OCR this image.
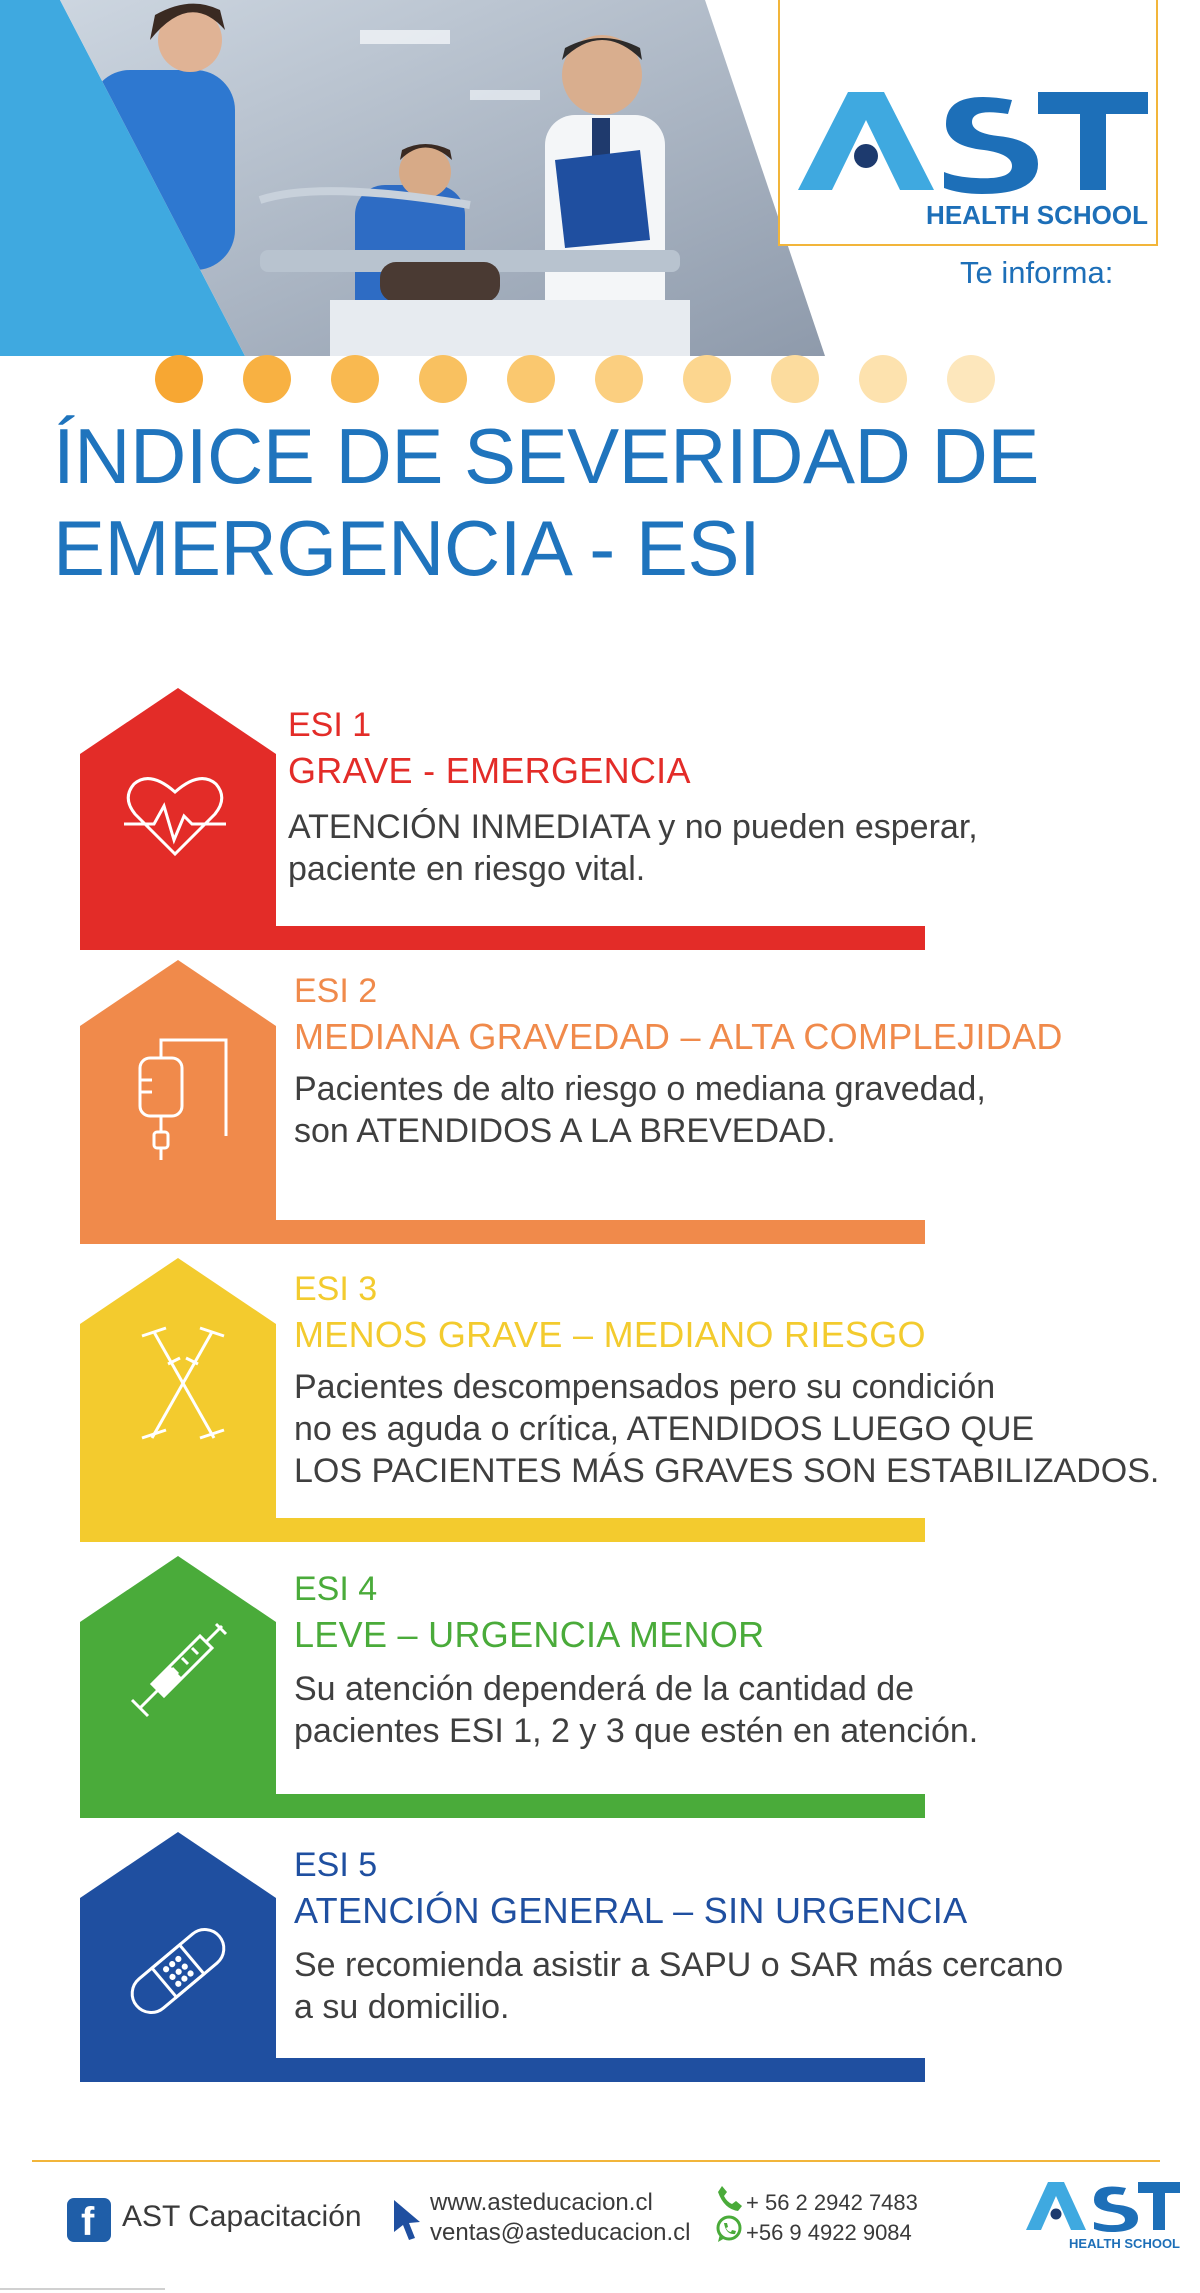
HEALTH SCHOOL
Te informa:
ÍNDICE DE SEVERIDAD DE
EMERGENCIA - ESI
ESI 1
GRAVE - EMERGENCIA
ATENCIÓN INMEDIATA y no pueden esperar,
paciente en riesgo vital.
ESI 2
MEDIANA GRAVEDAD – ALTA COMPLEJIDAD
Pacientes de alto riesgo o mediana gravedad,
son ATENDIDOS A LA BREVEDAD.
ESI 3
MENOS GRAVE – MEDIANO RIESGO
Pacientes descompensados pero su condición
no es aguda o crítica, ATENDIDOS LUEGO QUE
LOS PACIENTES MÁS GRAVES SON ESTABILIZADOS.
ESI 4
LEVE – URGENCIA MENOR
Su atención dependerá de la cantidad de
pacientes ESI 1, 2 y 3 que estén en atención.
ESI 5
ATENCIÓN GENERAL – SIN URGENCIA
Se recomienda asistir a SAPU o SAR más cercano
a su domicilio.
f AST Capacitación	www.asteducacion.cl
ventas@asteducacion.cl
+ 56 2 2942 7483
+56 9 4922 9084	HEALTH SCHOOL
